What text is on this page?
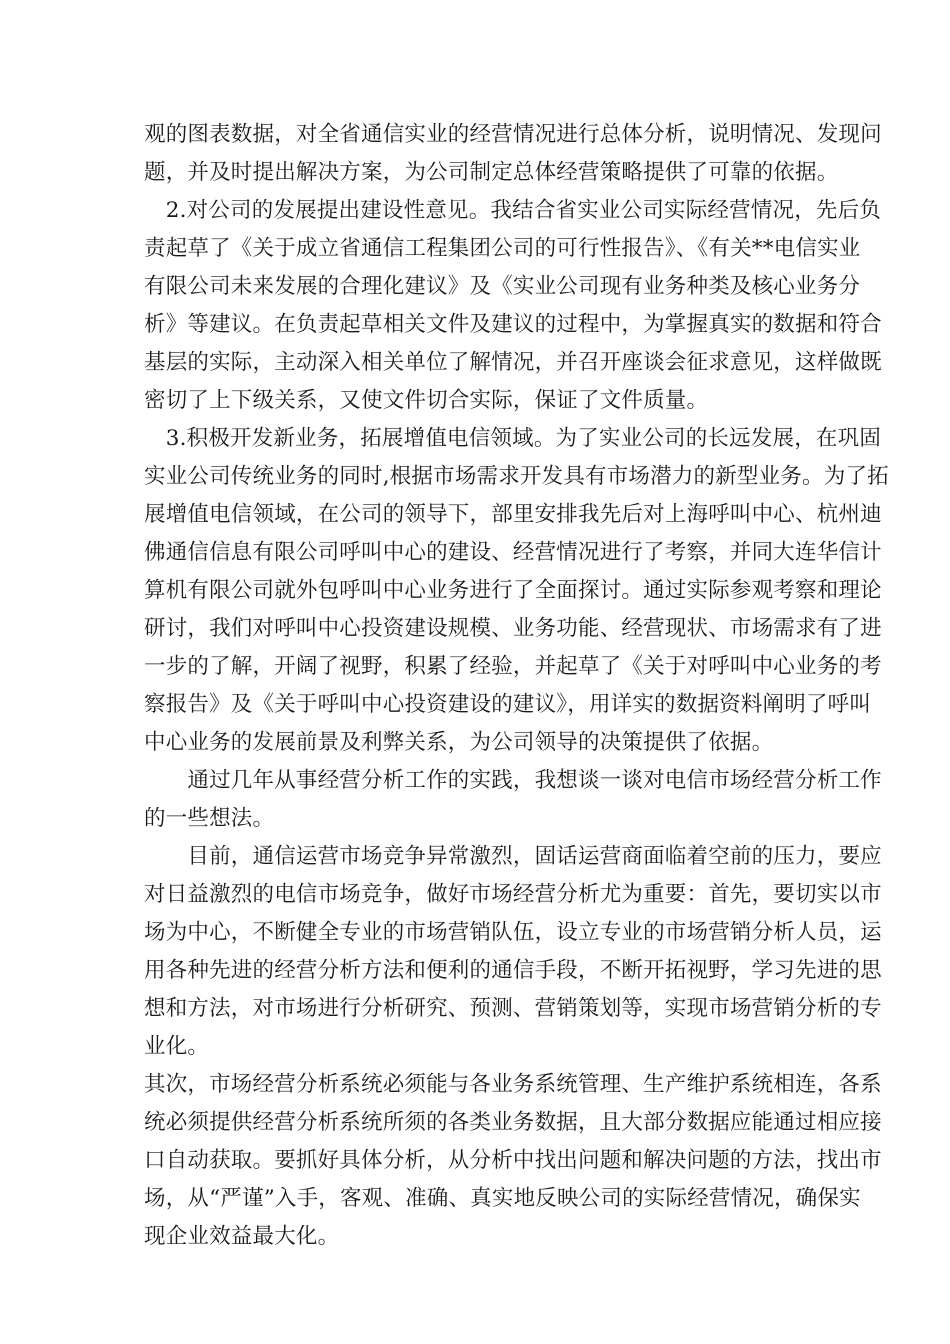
观的图表数据，对全省通信实业的经营情况进行总体分析，说明情况、发现问
题，并及时提出解决方案，为公司制定总体经营策略提供了可靠的依据。
　2.对公司的发展提出建设性意见。我结合省实业公司实际经营情况，先后负
责起草了《关于成立省通信工程集团公司的可行性报告》、《有关**电信实业
有限公司未来发展的合理化建议》及《实业公司现有业务种类及核心业务分
析》等建议。在负责起草相关文件及建议的过程中，为掌握真实的数据和符合
基层的实际，主动深入相关单位了解情况，并召开座谈会征求意见，这样做既
密切了上下级关系，又使文件切合实际，保证了文件质量。
　3.积极开发新业务，拓展增值电信领域。为了实业公司的长远发展，在巩固
实业公司传统业务的同时,根据市场需求开发具有市场潜力的新型业务。为了拓
展增值电信领域，在公司的领导下，部里安排我先后对上海呼叫中心、杭州迪
佛通信信息有限公司呼叫中心的建设、经营情况进行了考察，并同大连华信计
算机有限公司就外包呼叫中心业务进行了全面探讨。通过实际参观考察和理论
研讨，我们对呼叫中心投资建设规模、业务功能、经营现状、市场需求有了进
一步的了解，开阔了视野，积累了经验，并起草了《关于对呼叫中心业务的考
察报告》及《关于呼叫中心投资建设的建议》，用详实的数据资料阐明了呼叫
中心业务的发展前景及利弊关系，为公司领导的决策提供了依据。
　　通过几年从事经营分析工作的实践，我想谈一谈对电信市场经营分析工作
的一些想法。
　　目前，通信运营市场竞争异常激烈，固话运营商面临着空前的压力，要应
对日益激烈的电信市场竞争，做好市场经营分析尤为重要：首先，要切实以市
场为中心，不断健全专业的市场营销队伍，设立专业的市场营销分析人员，运
用各种先进的经营分析方法和便利的通信手段，不断开拓视野，学习先进的思
想和方法，对市场进行分析研究、预测、营销策划等，实现市场营销分析的专
业化。
其次，市场经营分析系统必须能与各业务系统管理、生产维护系统相连，各系
统必须提供经营分析系统所须的各类业务数据，且大部分数据应能通过相应接
口自动获取。要抓好具体分析，从分析中找出问题和解决问题的方法，找出市
场，从“严谨”入手，客观、准确、真实地反映公司的实际经营情况，确保实
现企业效益最大化。
